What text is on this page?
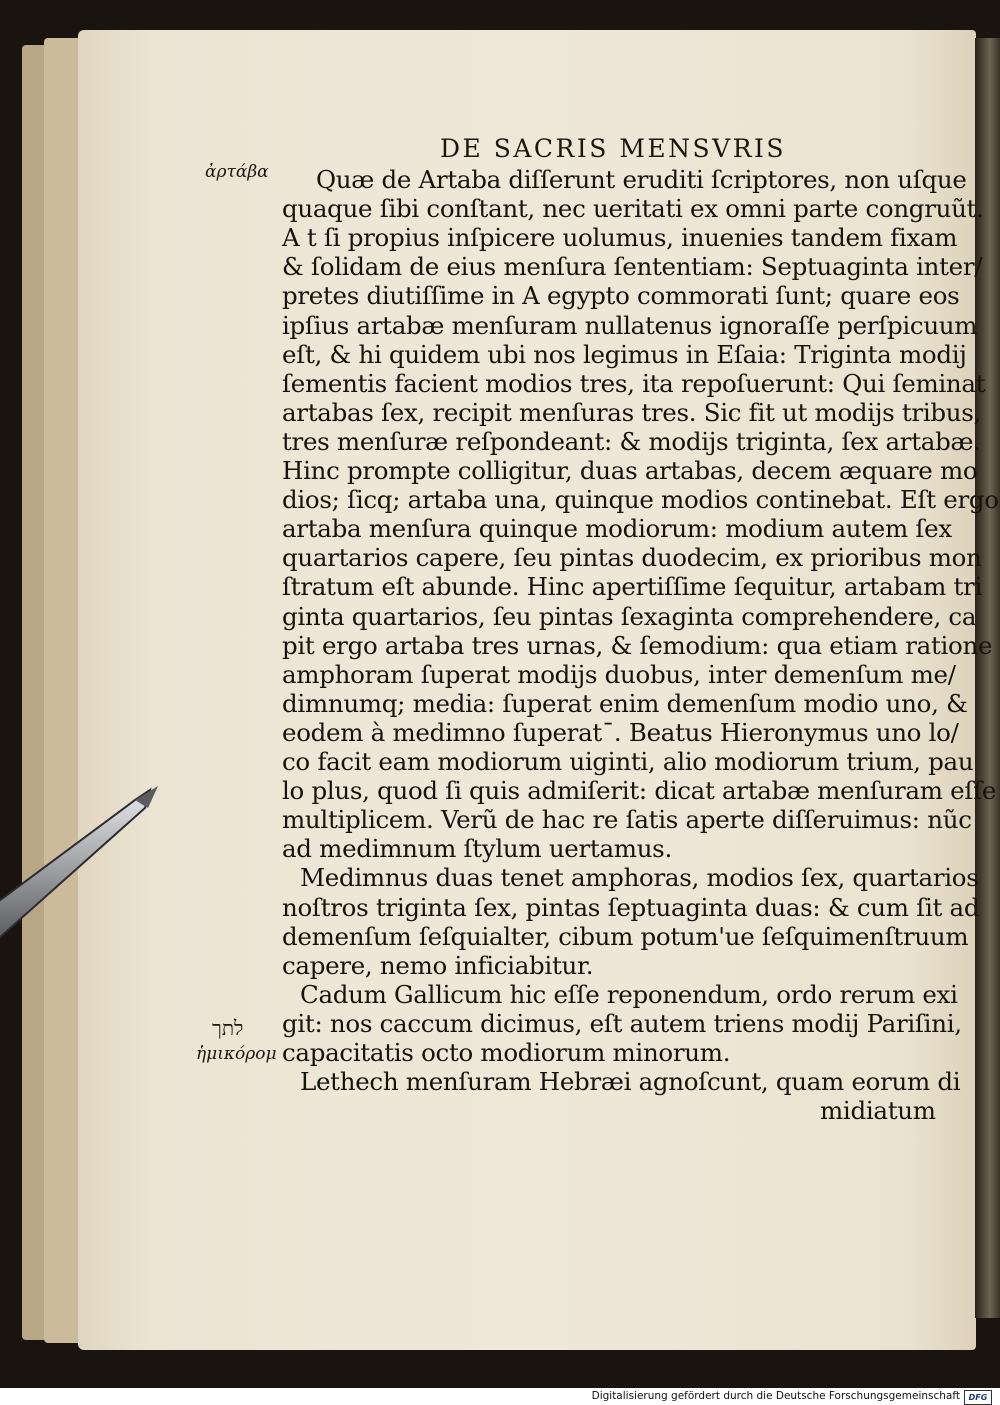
DE SACRIS MENSVRIS
ἀρτάβα
לתך
ἡμικόρομ
Quæ de Artaba diſſerunt eruditi ſcriptores, non uſque
quaque ſibi conſtant, nec ueritati ex omni parte congruũt.
A t ſi propius inſpicere uolumus, inuenies tandem fixam
& ſolidam de eius menſura ſententiam: Septuaginta inter/
pretes diutiſſime in A egypto commorati ſunt; quare eos
ipſius artabæ menſuram nullatenus ignoraſſe perſpicuum
eſt, & hi quidem ubi nos legimus in Eſaia: Triginta modij
ſementis facient modios tres, ita repoſuerunt: Qui ſeminat
artabas ſex, recipit menſuras tres. Sic fit ut modijs tribus,
tres menſuræ reſpondeant: & modijs triginta, ſex artabæ.
Hinc prompte colligitur, duas artabas, decem æquare mo
dios; ſicq; artaba una, quinque modios continebat. Eſt ergo
artaba menſura quinque modiorum: modium autem ſex
quartarios capere, ſeu pintas duodecim, ex prioribus mon
ſtratum eſt abunde. Hinc apertiſſime ſequitur, artabam tri
ginta quartarios, ſeu pintas ſexaginta comprehendere, ca
pit ergo artaba tres urnas, & ſemodium: qua etiam ratione
amphoram ſuperat modijs duobus, inter demenſum me/
dimnumq; media: ſuperat enim demenſum modio uno, &
eodem à medimno ſuperatˉ. Beatus Hieronymus uno lo/
co facit eam modiorum uiginti, alio modiorum trium, pau
lo plus, quod ſi quis admiſerit: dicat artabæ menſuram eſſe
multiplicem. Verũ de hac re ſatis aperte diſſeruimus: nũc
ad medimnum ſtylum uertamus.
Medimnus duas tenet amphoras, modios ſex, quartarios
noſtros triginta ſex, pintas ſeptuaginta duas: & cum ſit ad
demenſum ſeſquialter, cibum potum'ue ſeſquimenſtruum
capere, nemo inficiabitur.
Cadum Gallicum hic eſſe reponendum, ordo rerum exi
git: nos caccum dicimus, eſt autem triens modij Pariſini,
capacitatis octo modiorum minorum.
Lethech menſuram Hebræi agnoſcunt, quam eorum di
midiatum
Digitalisierung gefördert durch die Deutsche Forschungsgemeinschaft	DFG
